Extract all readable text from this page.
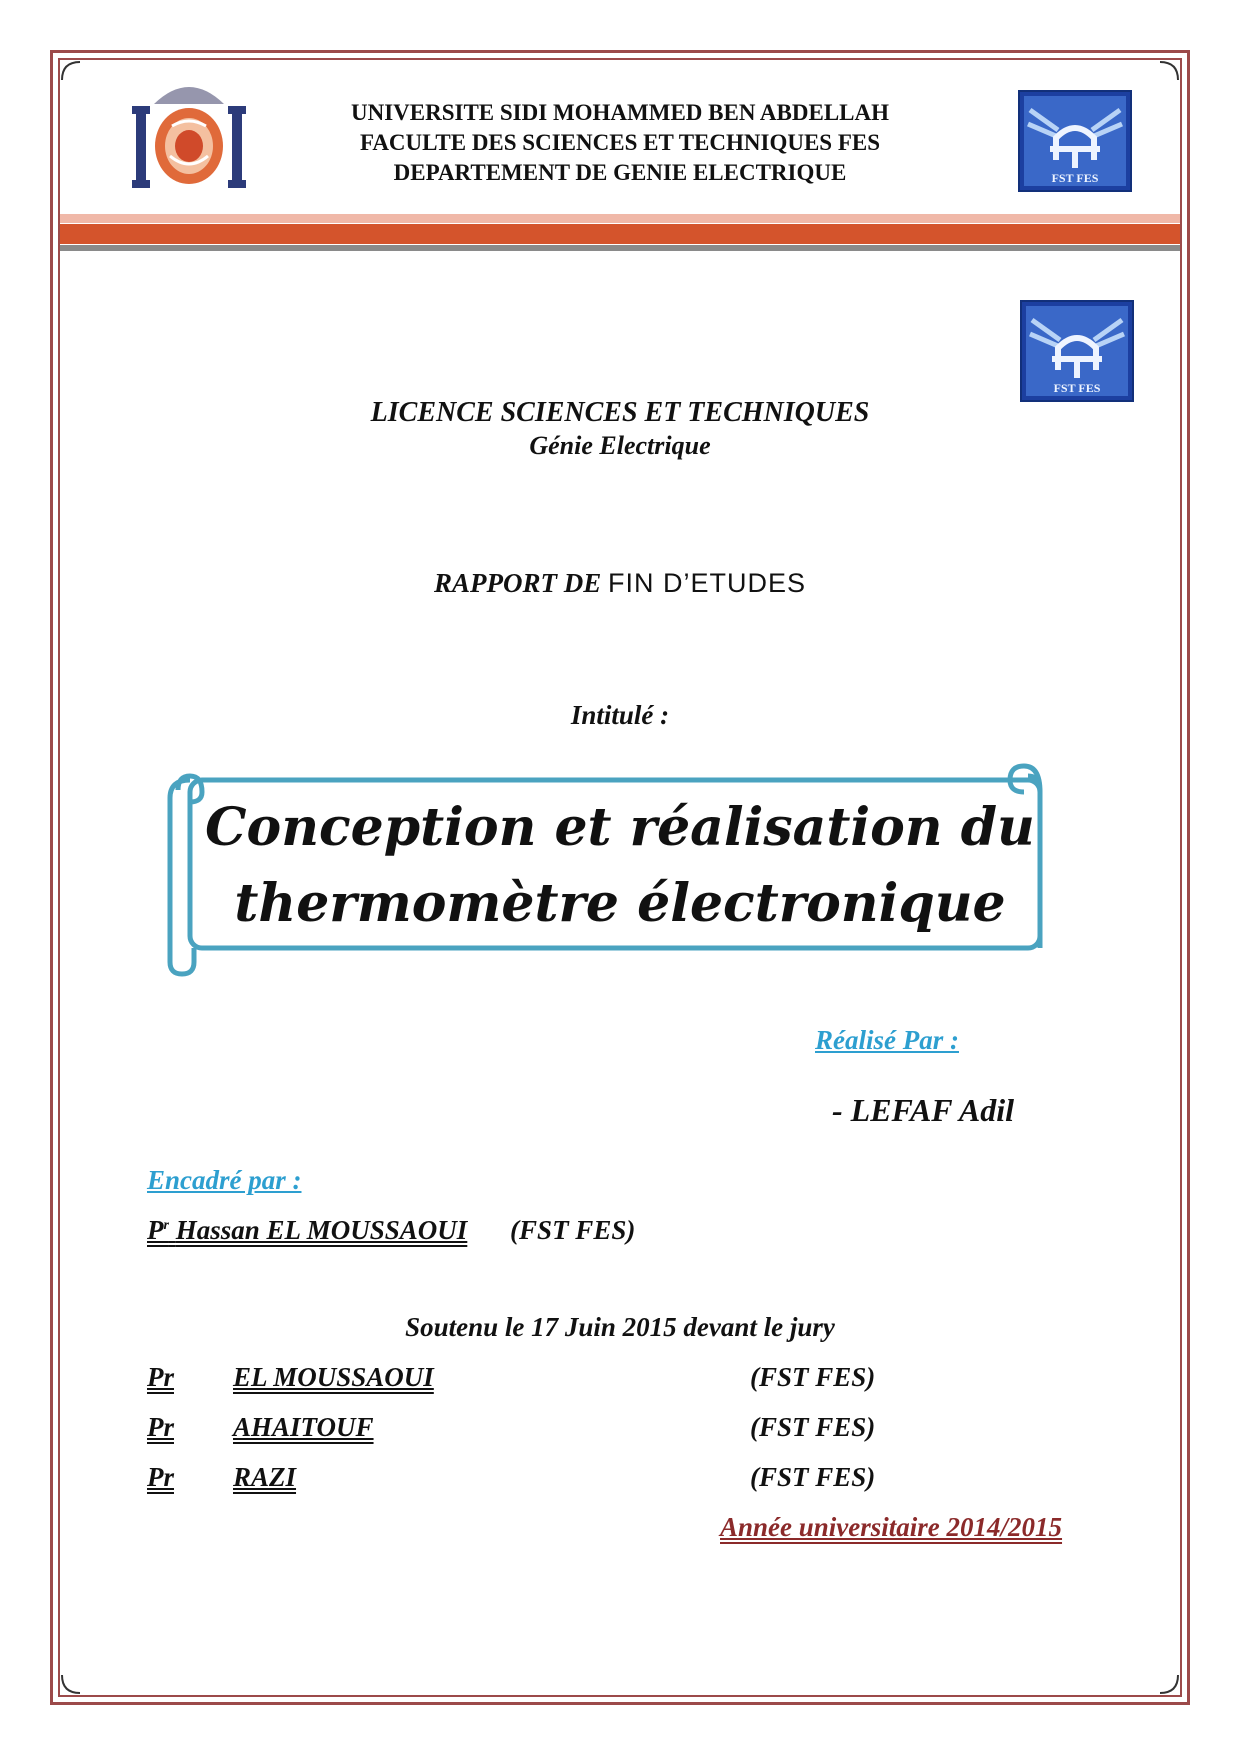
UNIVERSITE SIDI MOHAMMED BEN ABDELLAH
FACULTE DES SCIENCES ET TECHNIQUES FES
DEPARTEMENT DE GENIE ELECTRIQUE	FST FES
FST FES
LICENCE SCIENCES ET TECHNIQUES
Génie Electrique
RAPPORT DE FIN D’ETUDES
Intitulé :
Conception et réalisation du
thermomètre électronique
Réalisé Par :
- LEFAF Adil
Encadré par :
$P^r$ Hassan EL MOUSSAOUI (FST FES)
Soutenu le 17 Juin 2015 devant le jury
Pr EL MOUSSAOUI	(FST FES)
Pr AHAITOUF	(FST FES)
Pr RAZI	(FST FES)
Année universitaire 2014/2015
